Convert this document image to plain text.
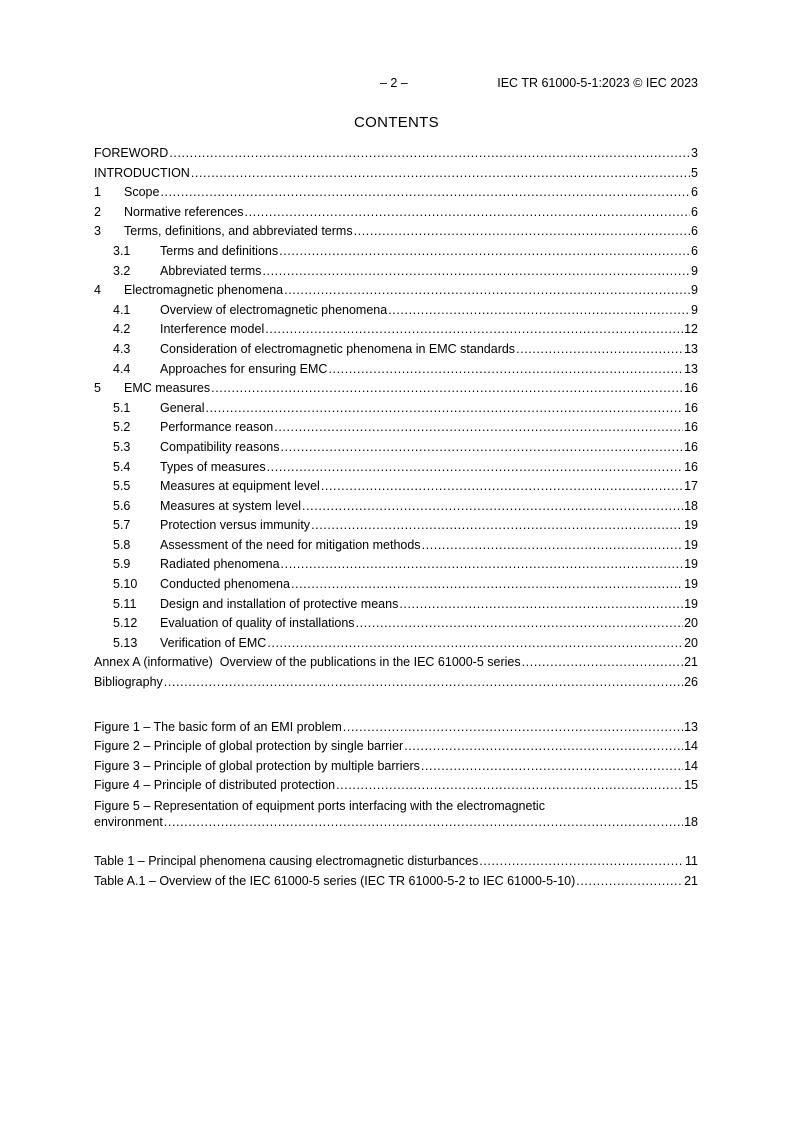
– 2 –	IEC TR 61000-5-1:2023 © IEC 2023
CONTENTS
FOREWORD .....	3
INTRODUCTION .....	5
1	Scope .....	6
2	Normative references .....	6
3	Terms, definitions, and abbreviated terms .....	6
3.1	Terms and definitions .....	6
3.2	Abbreviated terms .....	9
4	Electromagnetic phenomena .....	9
4.1	Overview of electromagnetic phenomena .....	9
4.2	Interference model .....	12
4.3	Consideration of electromagnetic phenomena in EMC standards .....	13
4.4	Approaches for ensuring EMC .....	13
5	EMC measures .....	16
5.1	General .....	16
5.2	Performance reason .....	16
5.3	Compatibility reasons .....	16
5.4	Types of measures .....	16
5.5	Measures at equipment level .....	17
5.6	Measures at system level .....	18
5.7	Protection versus immunity .....	19
5.8	Assessment of the need for mitigation methods .....	19
5.9	Radiated phenomena .....	19
5.10	Conducted phenomena .....	19
5.11	Design and installation of protective means .....	19
5.12	Evaluation of quality of installations .....	20
5.13	Verification of EMC .....	20
Annex A (informative)  Overview of the publications in the IEC 61000-5 series .....	21
Bibliography .....	26
Figure 1 – The basic form of an EMI problem .....	13
Figure 2 – Principle of global protection by single barrier .....	14
Figure 3 – Principle of global protection by multiple barriers .....	14
Figure 4 – Principle of distributed protection .....	15
Figure 5 – Representation of equipment ports interfacing with the electromagnetic
environment .....	18
Table 1 – Principal phenomena causing electromagnetic disturbances .....	11
Table A.1 – Overview of the IEC 61000-5 series (IEC TR 61000-5-2 to IEC 61000-5-10) .....	21
